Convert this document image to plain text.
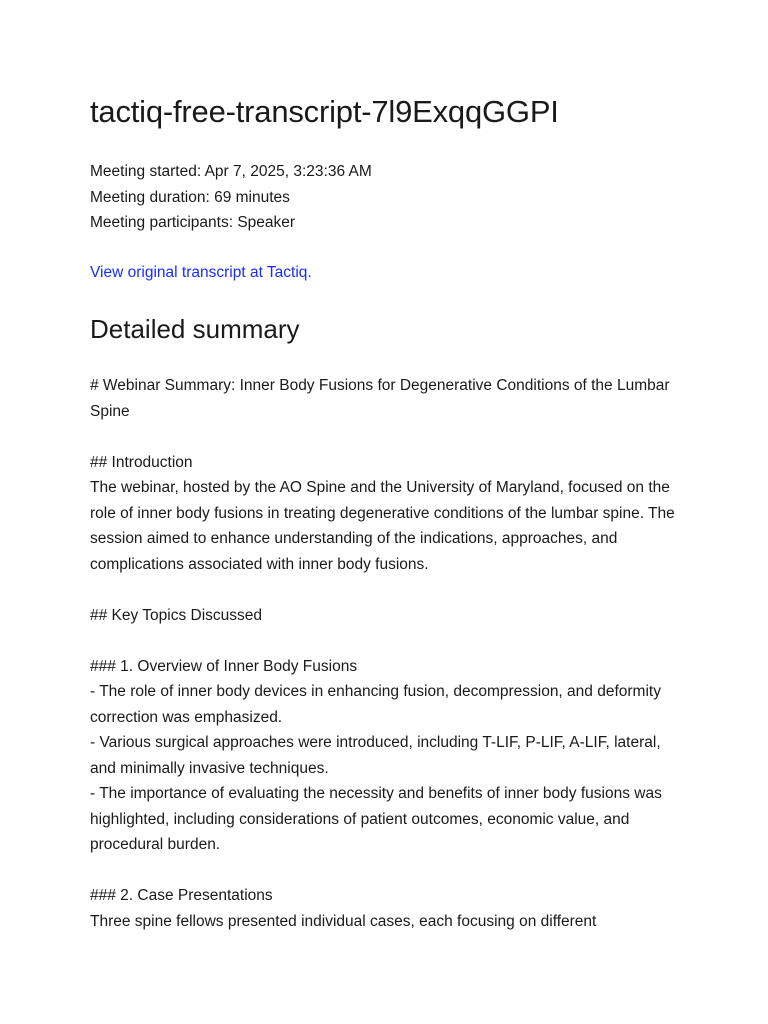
tactiq-free-transcript-7l9ExqqGGPI
Meeting started: Apr 7, 2025, 3:23:36 AM
Meeting duration: 69 minutes
Meeting participants: Speaker
View original transcript at Tactiq.
Detailed summary

# Webinar Summary: Inner Body Fusions for Degenerative Conditions of the Lumbar Spine

## Introduction
The webinar, hosted by the AO Spine and the University of Maryland, focused on the role of inner body fusions in treating degenerative conditions of the lumbar spine. The session aimed to enhance understanding of the indications, approaches, and complications associated with inner body fusions.

## Key Topics Discussed

### 1. Overview of Inner Body Fusions
- The role of inner body devices in enhancing fusion, decompression, and deformity correction was emphasized.
- Various surgical approaches were introduced, including T-LIF, P-LIF, A-LIF, lateral, and minimally invasive techniques.
- The importance of evaluating the necessity and benefits of inner body fusions was highlighted, including considerations of patient outcomes, economic value, and procedural burden.

### 2. Case Presentations
Three spine fellows presented individual cases, each focusing on different
